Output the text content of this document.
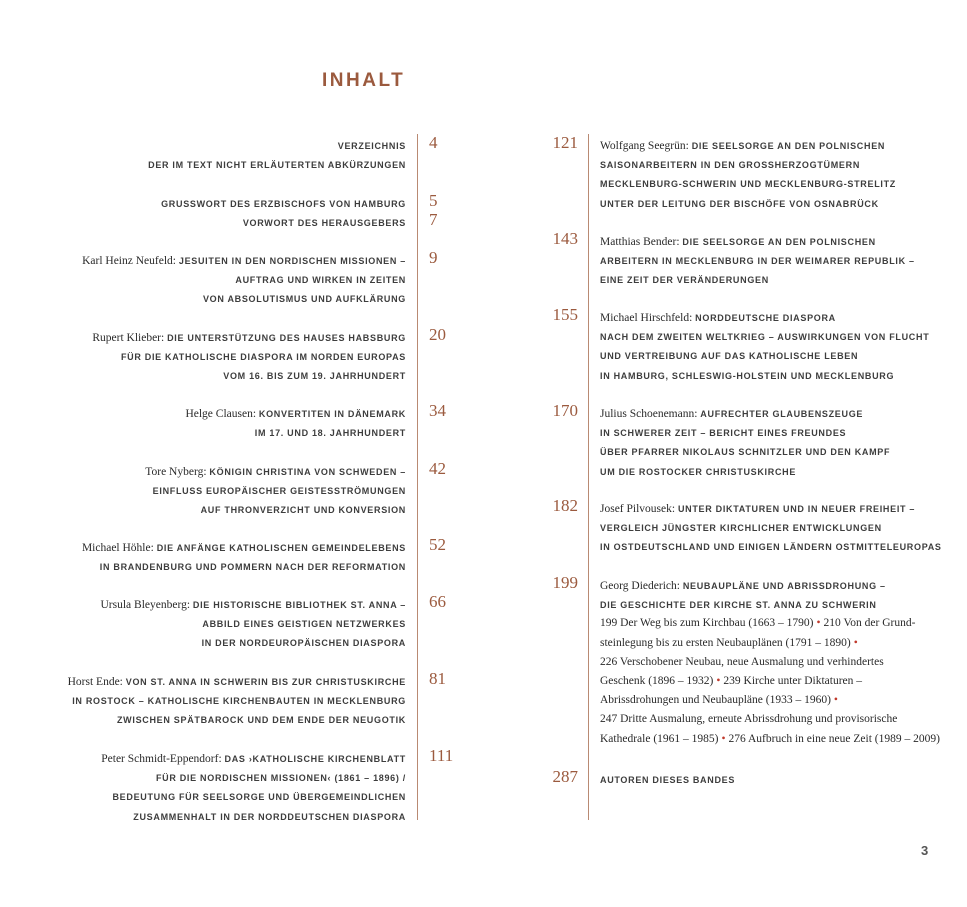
INHALT
4
VERZEICHNIS
DER IM TEXT NICHT ERLÄUTERTEN ABKÜRZUNGEN
5
GRUSSWORT DES ERZBISCHOFS VON HAMBURG
7
VORWORT DES HERAUSGEBERS
9
Karl Heinz Neufeld: JESUITEN IN DEN NORDISCHEN MISSIONEN –
AUFTRAG UND WIRKEN IN ZEITEN
VON ABSOLUTISMUS UND AUFKLÄRUNG
20
Rupert Klieber: DIE UNTERSTÜTZUNG DES HAUSES HABSBURG
FÜR DIE KATHOLISCHE DIASPORA IM NORDEN EUROPAS
VOM 16. BIS ZUM 19. JAHRHUNDERT
34
Helge Clausen: KONVERTITEN IN DÄNEMARK
IM 17. UND 18. JAHRHUNDERT
42
Tore Nyberg: KÖNIGIN CHRISTINA VON SCHWEDEN –
EINFLUSS EUROPÄISCHER GEISTESSTRÖMUNGEN
AUF THRONVERZICHT UND KONVERSION
52
Michael Höhle: DIE ANFÄNGE KATHOLISCHEN GEMEINDELEBENS
IN BRANDENBURG UND POMMERN NACH DER REFORMATION
66
Ursula Bleyenberg: DIE HISTORISCHE BIBLIOTHEK ST. ANNA –
ABBILD EINES GEISTIGEN NETZWERKES
IN DER NORDEUROPÄISCHEN DIASPORA
81
Horst Ende: VON ST. ANNA IN SCHWERIN BIS ZUR CHRISTUSKIRCHE
IN ROSTOCK – KATHOLISCHE KIRCHENBAUTEN IN MECKLENBURG
ZWISCHEN SPÄTBAROCK UND DEM ENDE DER NEUGOTIK
111
Peter Schmidt-Eppendorf: DAS ›KATHOLISCHE KIRCHENBLATT
FÜR DIE NORDISCHEN MISSIONEN‹ (1861 – 1896) /
BEDEUTUNG FÜR SEELSORGE UND ÜBERGEMEINDLICHEN
ZUSAMMENHALT IN DER NORDDEUTSCHEN DIASPORA
121 Wolfgang Seegrün: DIE SEELSORGE AN DEN POLNISCHEN
SAISONARBEITERN IN DEN GROSSHERZOGTÜMERN
MECKLENBURG-SCHWERIN UND MECKLENBURG-STRELITZ
UNTER DER LEITUNG DER BISCHÖFE VON OSNABRÜCK
143 Matthias Bender: DIE SEELSORGE AN DEN POLNISCHEN
ARBEITERN IN MECKLENBURG IN DER WEIMARER REPUBLIK –
EINE ZEIT DER VERÄNDERUNGEN
155 Michael Hirschfeld: NORDDEUTSCHE DIASPORA
NACH DEM ZWEITEN WELTKRIEG – AUSWIRKUNGEN VON FLUCHT
UND VERTREIBUNG AUF DAS KATHOLISCHE LEBEN
IN HAMBURG, SCHLESWIG-HOLSTEIN UND MECKLENBURG
170 Julius Schoenemann: AUFRECHTER GLAUBENSZEUGE
IN SCHWERER ZEIT – BERICHT EINES FREUNDES
ÜBER PFARRER NIKOLAUS SCHNITZLER UND DEN KAMPF
UM DIE ROSTOCKER CHRISTUSKIRCHE
182 Josef Pilvousek: UNTER DIKTATUREN UND IN NEUER FREIHEIT –
VERGLEICH JÜNGSTER KIRCHLICHER ENTWICKLUNGEN
IN OSTDEUTSCHLAND UND EINIGEN LÄNDERN OSTMITTELEUROPAS
199 Georg Diederich: NEUBAUPLÄNE UND ABRISSDROHUNG –
DIE GESCHICHTE DER KIRCHE ST. ANNA ZU SCHWERIN
199 Der Weg bis zum Kirchbau (1663 – 1790) • 210 Von der Grund-
steinlegung bis zu ersten Neubauplänen (1791 – 1890) •
226 Verschobener Neubau, neue Ausmalung und verhindertes
Geschenk (1896 – 1932) • 239 Kirche unter Diktaturen –
Abrissdrohungen und Neubaupläne (1933 – 1960) •
247 Dritte Ausmalung, erneute Abrissdrohung und provisorische
Kathedrale (1961 – 1985) • 276 Aufbruch in eine neue Zeit (1989 – 2009)
287 AUTOREN DIESES BANDES
3
